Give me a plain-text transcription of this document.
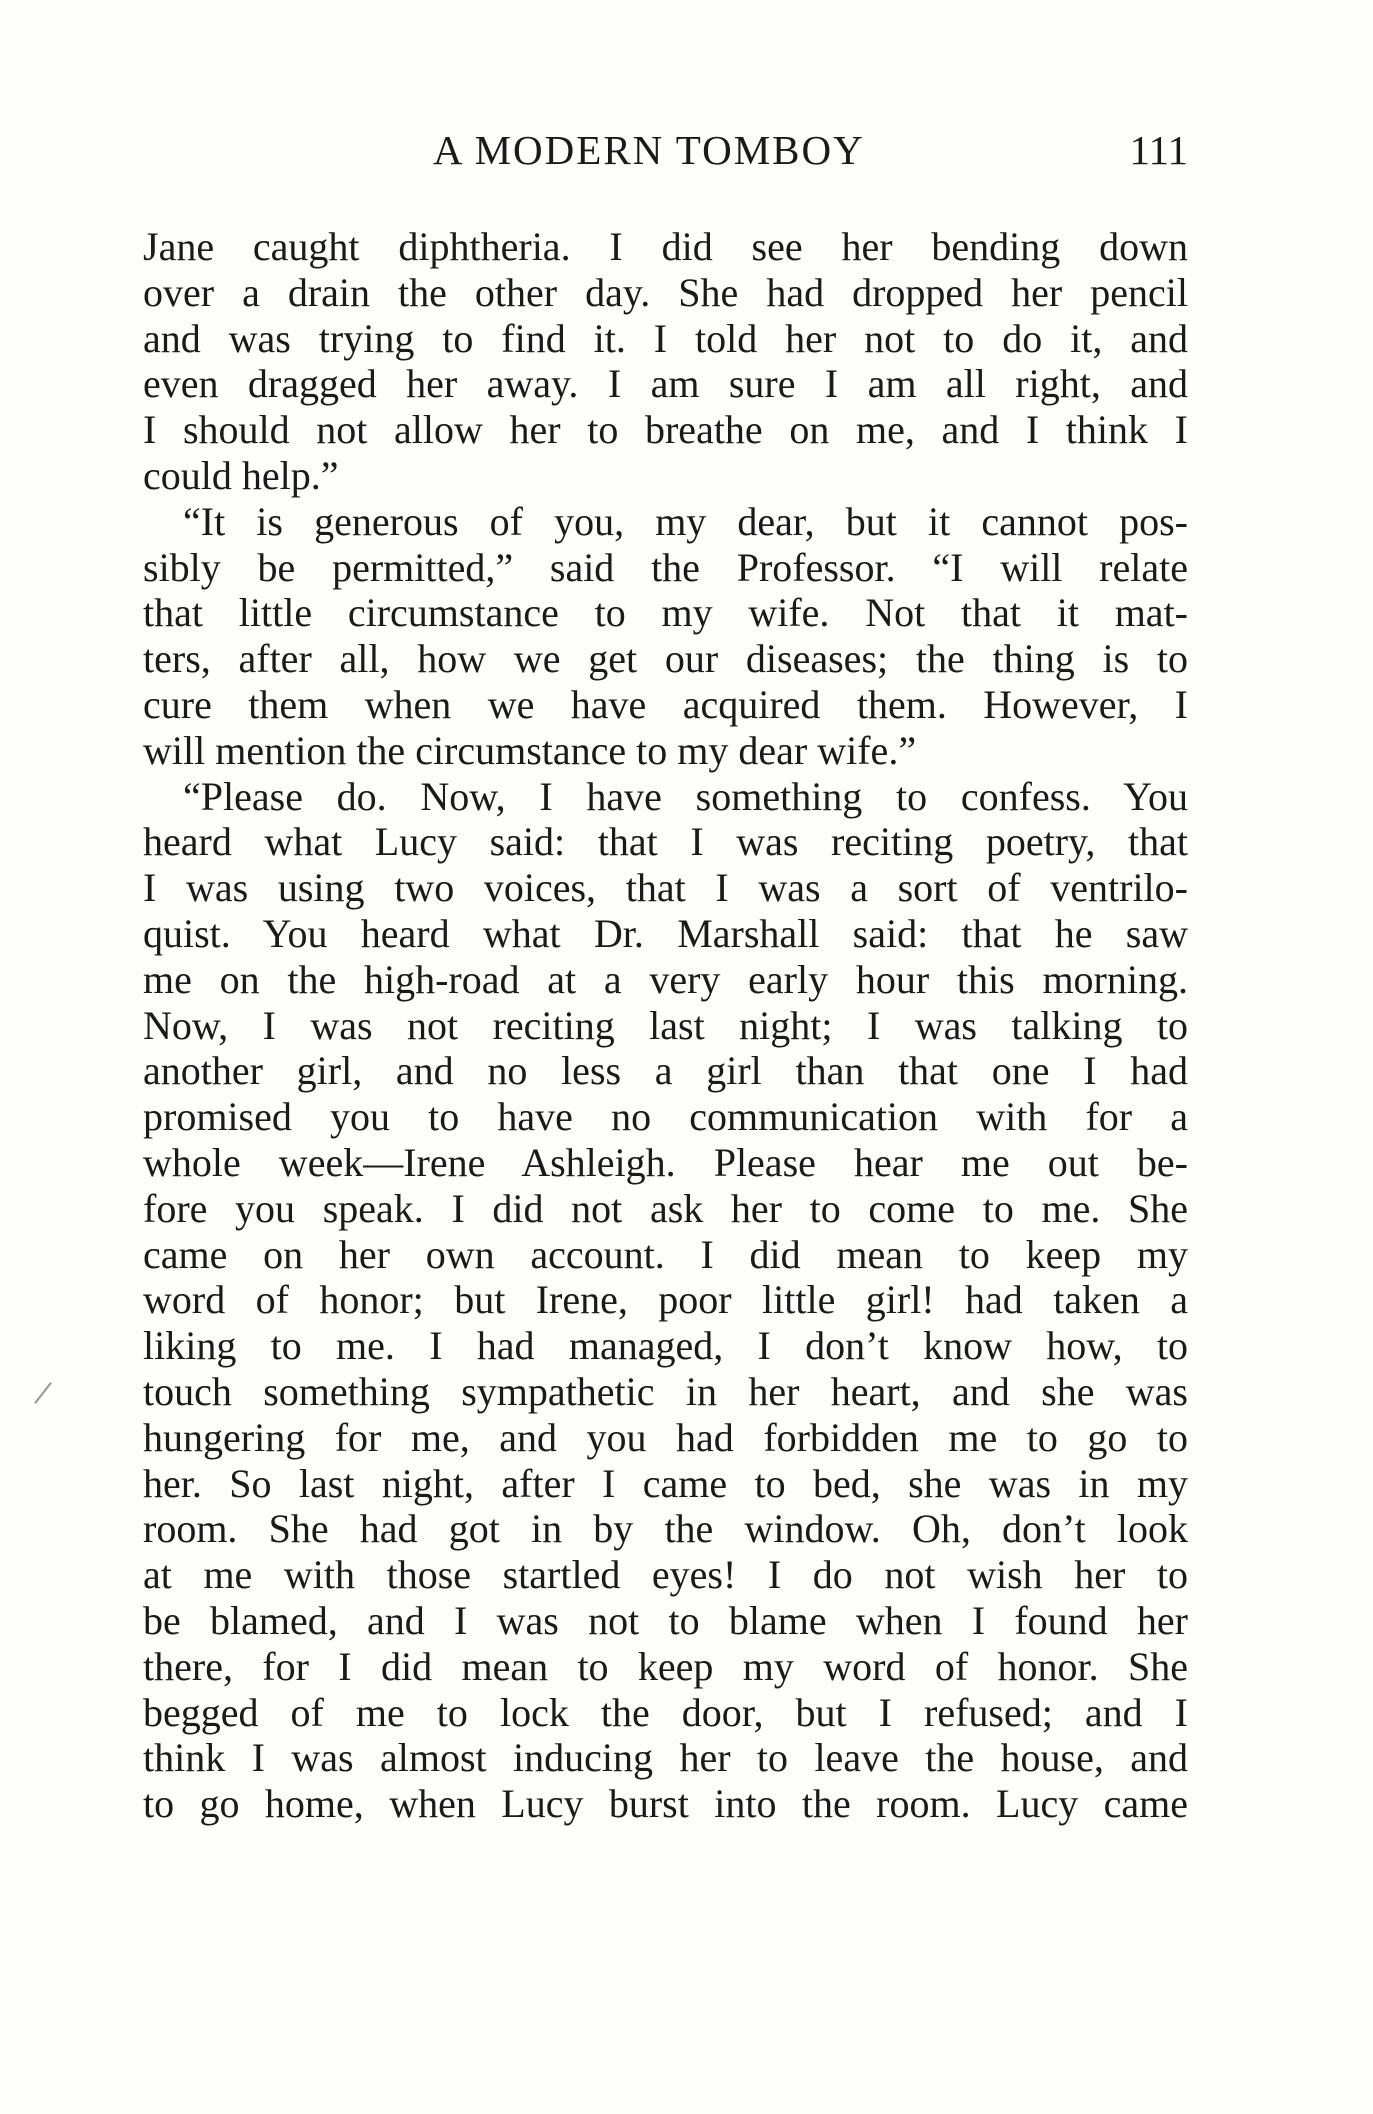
A MODERN TOMBOY	111
Jane caught diphtheria. I did see her bending down
over a drain the other day. She had dropped her pencil
and was trying to find it. I told her not to do it, and
even dragged her away. I am sure I am all right, and
I should not allow her to breathe on me, and I think I
could help.”
“It is generous of you, my dear, but it cannot pos-
sibly be permitted,” said the Professor. “I will relate
that little circumstance to my wife. Not that it mat-
ters, after all, how we get our diseases; the thing is to
cure them when we have acquired them. However, I
will mention the circumstance to my dear wife.”
“Please do. Now, I have something to confess. You
heard what Lucy said: that I was reciting poetry, that
I was using two voices, that I was a sort of ventrilo-
quist. You heard what Dr. Marshall said: that he saw
me on the high-road at a very early hour this morning.
Now, I was not reciting last night; I was talking to
another girl, and no less a girl than that one I had
promised you to have no communication with for a
whole week—Irene Ashleigh. Please hear me out be-
fore you speak. I did not ask her to come to me. She
came on her own account. I did mean to keep my
word of honor; but Irene, poor little girl! had taken a
liking to me. I had managed, I don’t know how, to
touch something sympathetic in her heart, and she was
hungering for me, and you had forbidden me to go to
her. So last night, after I came to bed, she was in my
room. She had got in by the window. Oh, don’t look
at me with those startled eyes! I do not wish her to
be blamed, and I was not to blame when I found her
there, for I did mean to keep my word of honor. She
begged of me to lock the door, but I refused; and I
think I was almost inducing her to leave the house, and
to go home, when Lucy burst into the room. Lucy came
